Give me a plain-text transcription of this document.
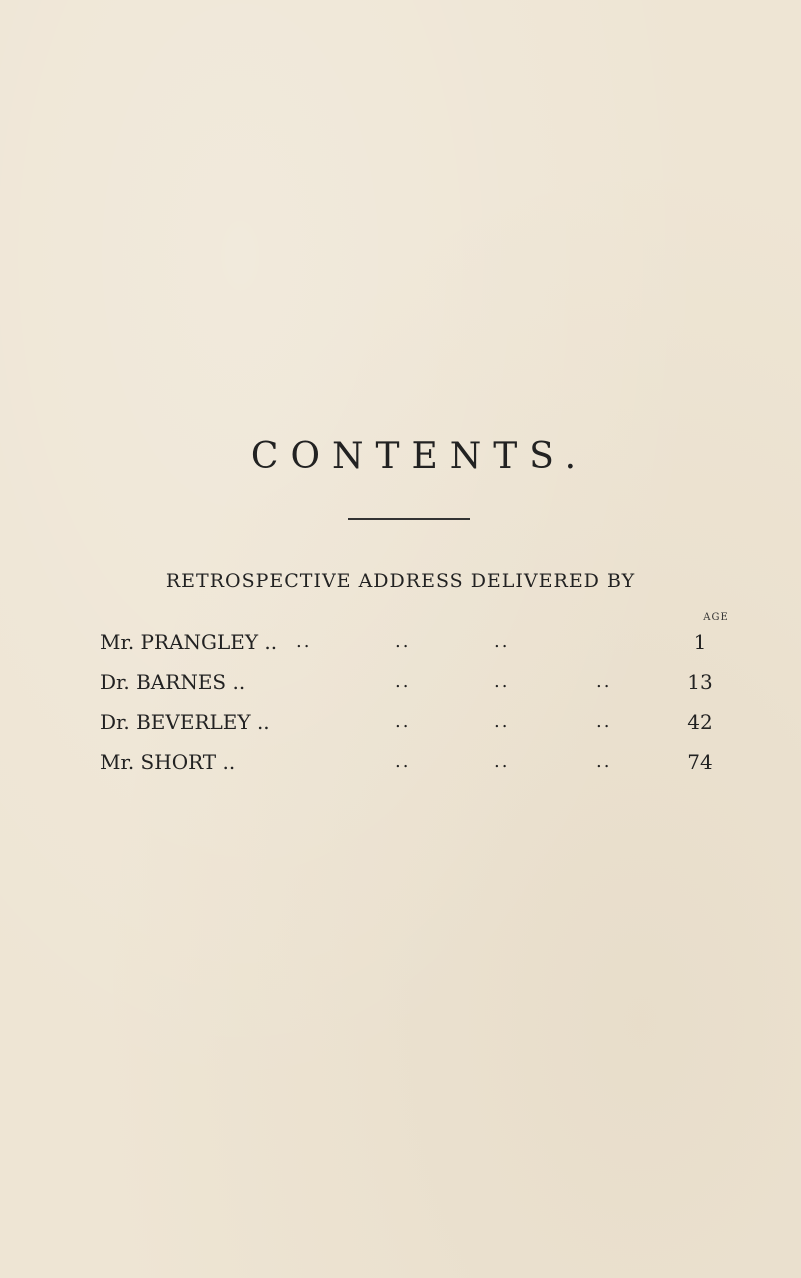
CONTENTS.
RETROSPECTIVE ADDRESS DELIVERED BY
AGE
Mr. PRANGLEY .. ..	..	..	1
Dr. BARNES ..	..	..	..	13
Dr. BEVERLEY ..	..	..	..	42
Mr. SHORT ..	..	..	..	74
